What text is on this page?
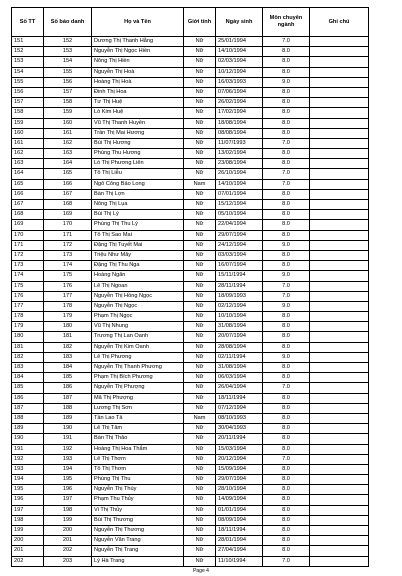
Số TT	Số báo danh	Họ và Tên	Giới tính	Ngày sinh	Môn chuyên ngành	Ghi chú
151	152	Dương Thị Thanh Hằng	Nữ	25/01/1994	7.0	
152	153	Nguyễn Thị Ngọc Hiền	Nữ	14/10/1994	8.0	
153	154	Nông Thị Hiền	Nữ	02/03/1994	8.0	
154	155	Nguyễn Thị Hoà	Nữ	10/12/1994	8.0	
155	156	Hoàng Thị Hoà	Nữ	16/03/1993	9.0	
156	157	Đinh Thị Hoa	Nữ	07/06/1994	8.0	
157	158	Tư Thị Huệ	Nữ	26/02/1994	8.0	
158	159	Lò Kim Huệ	Nữ	17/02/1994	8.0	
159	160	Vũ Thị Thanh Huyền	Nữ	18/08/1994	8.0	
160	161	Trần Thị Mai Hương	Nữ	08/08/1994	8.0	
161	162	Bùi Thị Hương	Nữ	11/07/1993	7.0	
162	163	Phùng Thu Hương	Nữ	13/02/1994	8.0	
163	164	Lò Thị Phương Liên	Nữ	23/08/1994	8.0	
164	165	Tô Thị Liễu	Nữ	26/10/1994	7.0	
165	166	Ngô Công Bảo Long	Nam	14/10/1994	7.0	
166	167	Bàn Thị Lợn	Nữ	07/01/1994	8.0	
167	168	Nông Thị Lụa	Nữ	15/12/1994	8.0	
168	169	Bùi Thị Lý	Nữ	05/10/1994	8.0	
169	170	Phùng Thị Thu Lý	Nữ	22/04/1994	8.0	
170	171	Tô Thị Sao Mai	Nữ	29/07/1994	8.0	
171	172	Đặng Thị Tuyết Mai	Nữ	24/12/1994	9.0	
172	173	Triệu Như Mây	Nữ	03/03/1994	8.0	
173	174	Đặng Thị Thu Nga	Nữ	16/07/1994	8.0	
174	175	Hoàng Ngân	Nữ	15/11/1994	9.0	
175	176	Lê Thị Ngoan	Nữ	28/11/1994	7.0	
176	177	Nguyễn Thị Hồng Ngọc	Nữ	18/09/1993	7.0	
177	178	Nguyễn Thị Ngọc	Nữ	02/12/1994	9.0	
178	179	Phạm Thị Ngọc	Nữ	10/10/1994	8.0	
179	180	Vũ Thị Nhung	Nữ	31/08/1994	8.0	
180	181	Trương Thị Lan Oanh	Nữ	20/07/1994	8.0	
181	182	Nguyễn Thị Kim Oanh	Nữ	28/08/1994	8.0	
182	183	Lê Thị Phương	Nữ	02/11/1994	9.0	
183	184	Nguyễn Thị Thanh Phương	Nữ	31/08/1994	8.0	
184	185	Phạm Thị Bích Phương	Nữ	06/03/1994	8.0	
185	186	Nguyễn Thị Phượng	Nữ	26/04/1994	7.0	
186	187	Mã Thị Phượng	Nữ	18/11/1994	8.0	
187	188	Lương Thị Sơn	Nữ	07/12/1994	8.0	
188	189	Tần Lao Tả	Nam	08/10/1993	8.0	
189	190	Lê Thị Tâm	Nữ	30/04/1993	8.0	
190	191	Bàn Thị Thảo	Nữ	20/11/1994	8.0	
191	192	Hoàng Thị Hoa Thắm	Nữ	15/03/1994	8.0	
192	193	Lê Thị Thơm	Nữ	20/12/1994	7.0	
193	194	Tô Thị Thơm	Nữ	15/09/1994	8.0	
194	195	Phùng Thị Thu	Nữ	29/07/1994	8.0	
195	196	Nguyễn Thị Thúy	Nữ	28/10/1994	8.0	
196	197	Phạm Thu Thủy	Nữ	14/09/1994	8.0	
197	198	Vi Thị Thủy	Nữ	01/01/1994	8.0	
198	199	Bùi Thị Thương	Nữ	08/09/1994	8.0	
199	200	Nguyễn Thị Thương	Nữ	18/11/1994	8.0	
200	201	Nguyễn Văn Trang	Nữ	28/01/1994	8.0	
201	202	Nguyễn Thị Trang	Nữ	27/04/1994	8.0	
202	203	Lý Hà Trang	Nữ	11/10/1994	7.0	
Page 4
